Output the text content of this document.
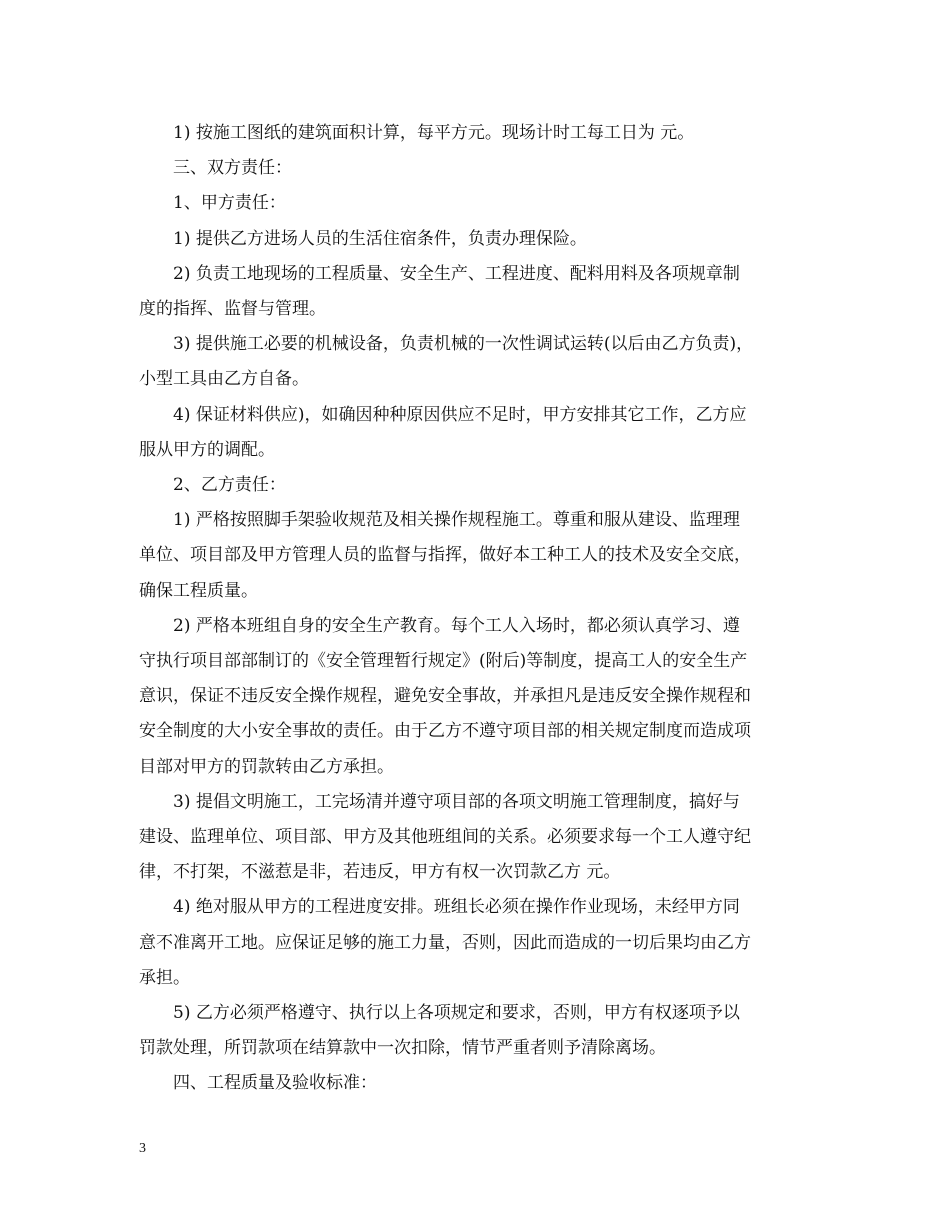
1) 按施工图纸的建筑面积计算，每平方元。现场计时工每工日为 元。
三、双方责任：
1、甲方责任：
1) 提供乙方进场人员的生活住宿条件，负责办理保险。
2) 负责工地现场的工程质量、安全生产、工程进度、配料用料及各项规章制
度的指挥、监督与管理。
3) 提供施工必要的机械设备，负责机械的一次性调试运转(以后由乙方负责)，
小型工具由乙方自备。
4) 保证材料供应)，如确因种种原因供应不足时，甲方安排其它工作，乙方应
服从甲方的调配。
2、乙方责任：
1) 严格按照脚手架验收规范及相关操作规程施工。尊重和服从建设、监理理
单位、项目部及甲方管理人员的监督与指挥，做好本工种工人的技术及安全交底，
确保工程质量。
2) 严格本班组自身的安全生产教育。每个工人入场时，都必须认真学习、遵
守执行项目部部制订的《安全管理暂行规定》(附后)等制度，提高工人的安全生产
意识，保证不违反安全操作规程，避免安全事故，并承担凡是违反安全操作规程和
安全制度的大小安全事故的责任。由于乙方不遵守项目部的相关规定制度而造成项
目部对甲方的罚款转由乙方承担。
3) 提倡文明施工，工完场清并遵守项目部的各项文明施工管理制度，搞好与
建设、监理单位、项目部、甲方及其他班组间的关系。必须要求每一个工人遵守纪
律，不打架，不滋惹是非，若违反，甲方有权一次罚款乙方 元。
4) 绝对服从甲方的工程进度安排。班组长必须在操作作业现场，未经甲方同
意不准离开工地。应保证足够的施工力量，否则，因此而造成的一切后果均由乙方
承担。
5) 乙方必须严格遵守、执行以上各项规定和要求，否则，甲方有权逐项予以
罚款处理，所罚款项在结算款中一次扣除，情节严重者则予清除离场。
四、工程质量及验收标准：
3
